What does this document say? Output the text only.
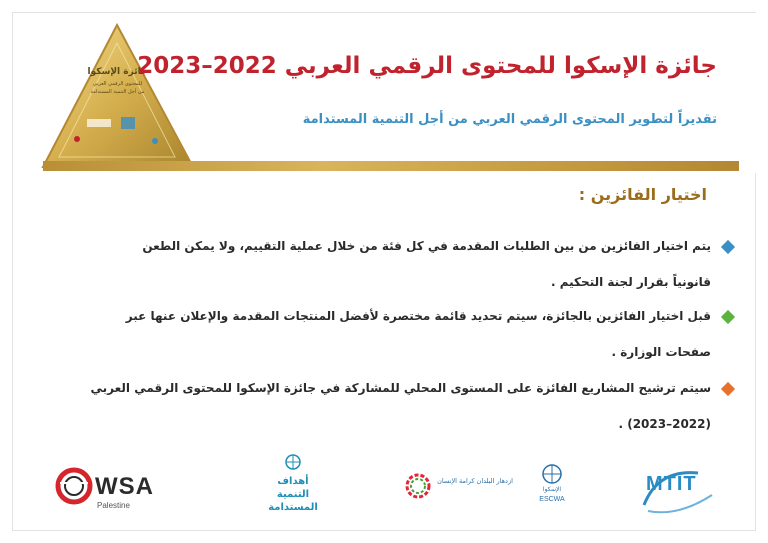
جائزة الإسكوا
للمحتوى الرقمي العربي
من أجل التنمية المستدامة
جائزة الإسكوا للمحتوى الرقمي العربي 2022–2023
تقديراً لتطوير المحتوى الرقمي العربي من أجل التنمية المستدامة
اختيار الفائزين :
يتم اختيار الفائزين من بين الطلبات المقدمة في كل فئة من خلال عملية التقييم، ولا يمكن الطعن
قانونياً بقرار لجنة التحكيم .
قبل اختيار الفائزين بالجائزة، سيتم تحديد قائمة مختصرة لأفضل المنتجات المقدمة والإعلان عنها عبر
صفحات الوزارة .
سيتم ترشيح المشاريع الفائزة على المستوى المحلي للمشاركة في جائزة الإسكوا للمحتوى الرقمي العربي
(2022–2023) .
WSA
Palestine
أهداف
التنمية
المستدامة
ازدهار البلدان كرامة الإنسان
الإسكوا
ESCWA
MTIT
